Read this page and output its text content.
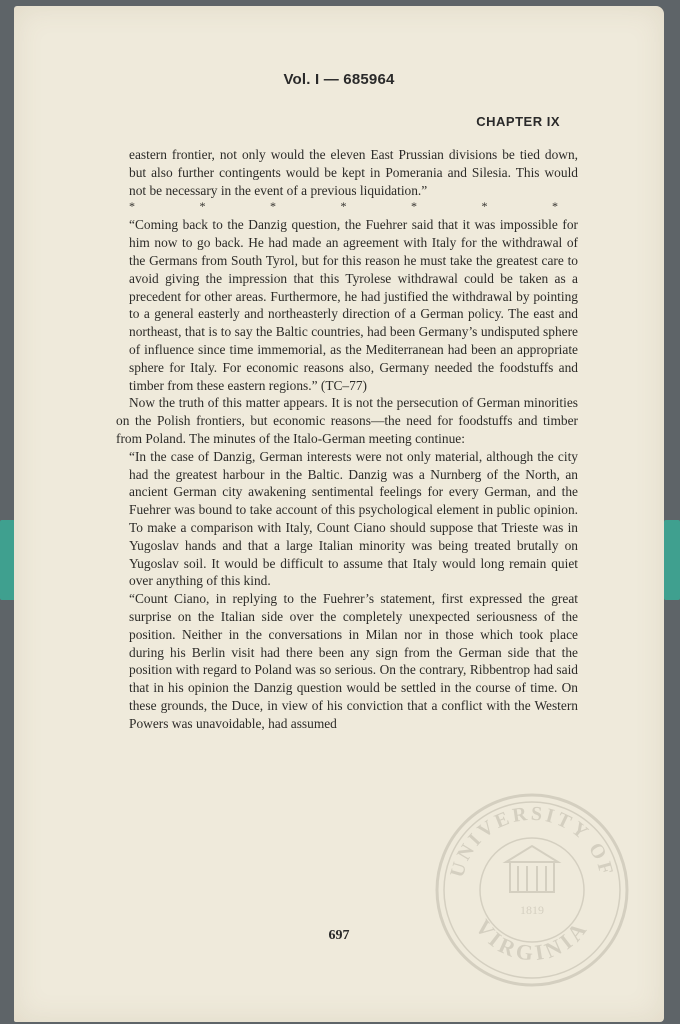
Vol. I — 685964
CHAPTER IX

eastern frontier, not only would the eleven East Prussian divisions be tied down, but also further contingents would be kept in Pomerania and Silesia. This would not be necessary in the event of a previous liquidation.”

*	*	*	*	*	*	*

“Coming back to the Danzig question, the Fuehrer said that it was impossible for him now to go back. He had made an agreement with Italy for the withdrawal of the Germans from South Tyrol, but for this reason he must take the greatest care to avoid giving the impression that this Tyrolese withdrawal could be taken as a precedent for other areas. Furthermore, he had justified the withdrawal by pointing to a general easterly and northeasterly direction of a German policy. The east and northeast, that is to say the Baltic countries, had been Germany’s undisputed sphere of influence since time immemorial, as the Mediterranean had been an appropriate sphere for Italy. For economic reasons also, Germany needed the foodstuffs and timber from these eastern regions.” (TC–77)

Now the truth of this matter appears. It is not the persecution of German minorities on the Polish frontiers, but economic reasons—the need for foodstuffs and timber from Poland. The minutes of the Italo-German meeting continue:

“In the case of Danzig, German interests were not only material, although the city had the greatest harbour in the Baltic. Danzig was a Nurnberg of the North, an ancient German city awakening sentimental feelings for every German, and the Fuehrer was bound to take account of this psychological element in public opinion. To make a comparison with Italy, Count Ciano should suppose that Trieste was in Yugoslav hands and that a large Italian minority was being treated brutally on Yugoslav soil. It would be difficult to assume that Italy would long remain quiet over anything of this kind.

“Count Ciano, in replying to the Fuehrer’s statement, first expressed the great surprise on the Italian side over the completely unexpected seriousness of the position. Neither in the conversations in Milan nor in those which took place during his Berlin visit had there been any sign from the German side that the position with regard to Poland was so serious. On the contrary, Ribbentrop had said that in his opinion the Danzig question would be settled in the course of time. On these grounds, the Duce, in view of his conviction that a conflict with the Western Powers was unavoidable, had assumed

697
UNIVERSITY OF
VIRGINIA
1819
